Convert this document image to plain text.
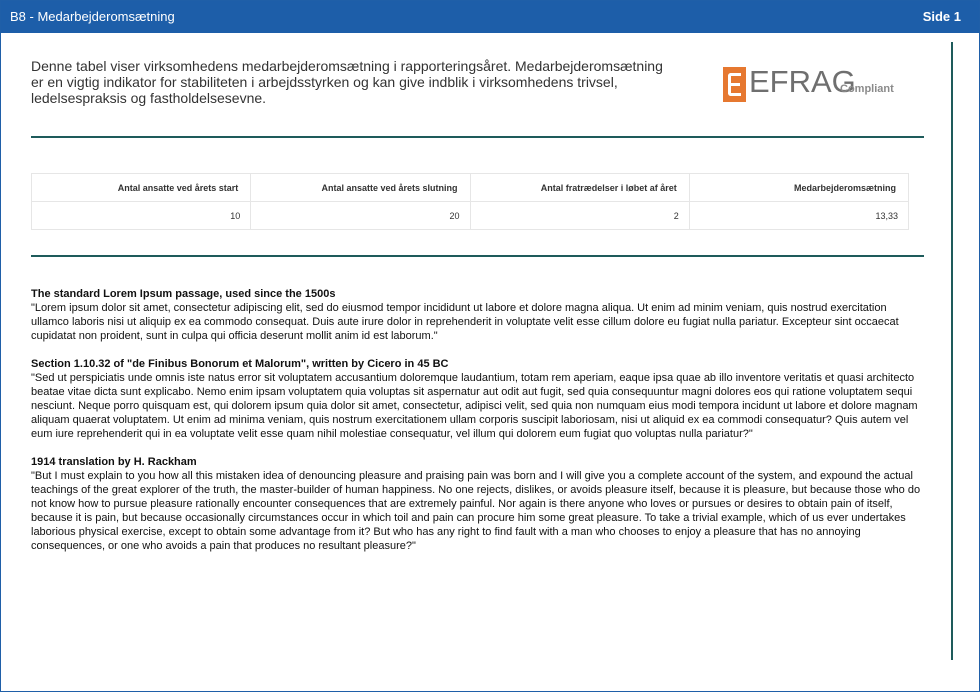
B8 - Medarbejderomsætning	Side 1
Denne tabel viser virksomhedens medarbejderomsætning i rapporteringsåret. Medarbejderomsætning er en vigtig indikator for stabiliteten i arbejdsstyrken og kan give indblik i virksomhedens trivsel, ledelsespraksis og fastholdelsesevne.	EFRAG
Compliant
Antal ansatte ved årets start	Antal ansatte ved årets slutning	Antal fratrædelser i løbet af året	Medarbejderomsætning
10	20	2	13,33
The standard Lorem Ipsum passage, used since the 1500s
"Lorem ipsum dolor sit amet, consectetur adipiscing elit, sed do eiusmod tempor incididunt ut labore et dolore magna aliqua. Ut enim ad minim veniam, quis nostrud exercitation ullamco laboris nisi ut aliquip ex ea commodo consequat. Duis aute irure dolor in reprehenderit in voluptate velit esse cillum dolore eu fugiat nulla pariatur. Excepteur sint occaecat cupidatat non proident, sunt in culpa qui officia deserunt mollit anim id est laborum."
Section 1.10.32 of "de Finibus Bonorum et Malorum", written by Cicero in 45 BC
"Sed ut perspiciatis unde omnis iste natus error sit voluptatem accusantium doloremque laudantium, totam rem aperiam, eaque ipsa quae ab illo inventore veritatis et quasi architecto beatae vitae dicta sunt explicabo. Nemo enim ipsam voluptatem quia voluptas sit aspernatur aut odit aut fugit, sed quia consequuntur magni dolores eos qui ratione voluptatem sequi nesciunt. Neque porro quisquam est, qui dolorem ipsum quia dolor sit amet, consectetur, adipisci velit, sed quia non numquam eius modi tempora incidunt ut labore et dolore magnam aliquam quaerat voluptatem. Ut enim ad minima veniam, quis nostrum exercitationem ullam corporis suscipit laboriosam, nisi ut aliquid ex ea commodi consequatur? Quis autem vel eum iure reprehenderit qui in ea voluptate velit esse quam nihil molestiae consequatur, vel illum qui dolorem eum fugiat quo voluptas nulla pariatur?"
1914 translation by H. Rackham
"But I must explain to you how all this mistaken idea of denouncing pleasure and praising pain was born and I will give you a complete account of the system, and expound the actual teachings of the great explorer of the truth, the master-builder of human happiness. No one rejects, dislikes, or avoids pleasure itself, because it is pleasure, but because those who do not know how to pursue pleasure rationally encounter consequences that are extremely painful. Nor again is there anyone who loves or pursues or desires to obtain pain of itself, because it is pain, but because occasionally circumstances occur in which toil and pain can procure him some great pleasure. To take a trivial example, which of us ever undertakes laborious physical exercise, except to obtain some advantage from it? But who has any right to find fault with a man who chooses to enjoy a pleasure that has no annoying consequences, or one who avoids a pain that produces no resultant pleasure?"
